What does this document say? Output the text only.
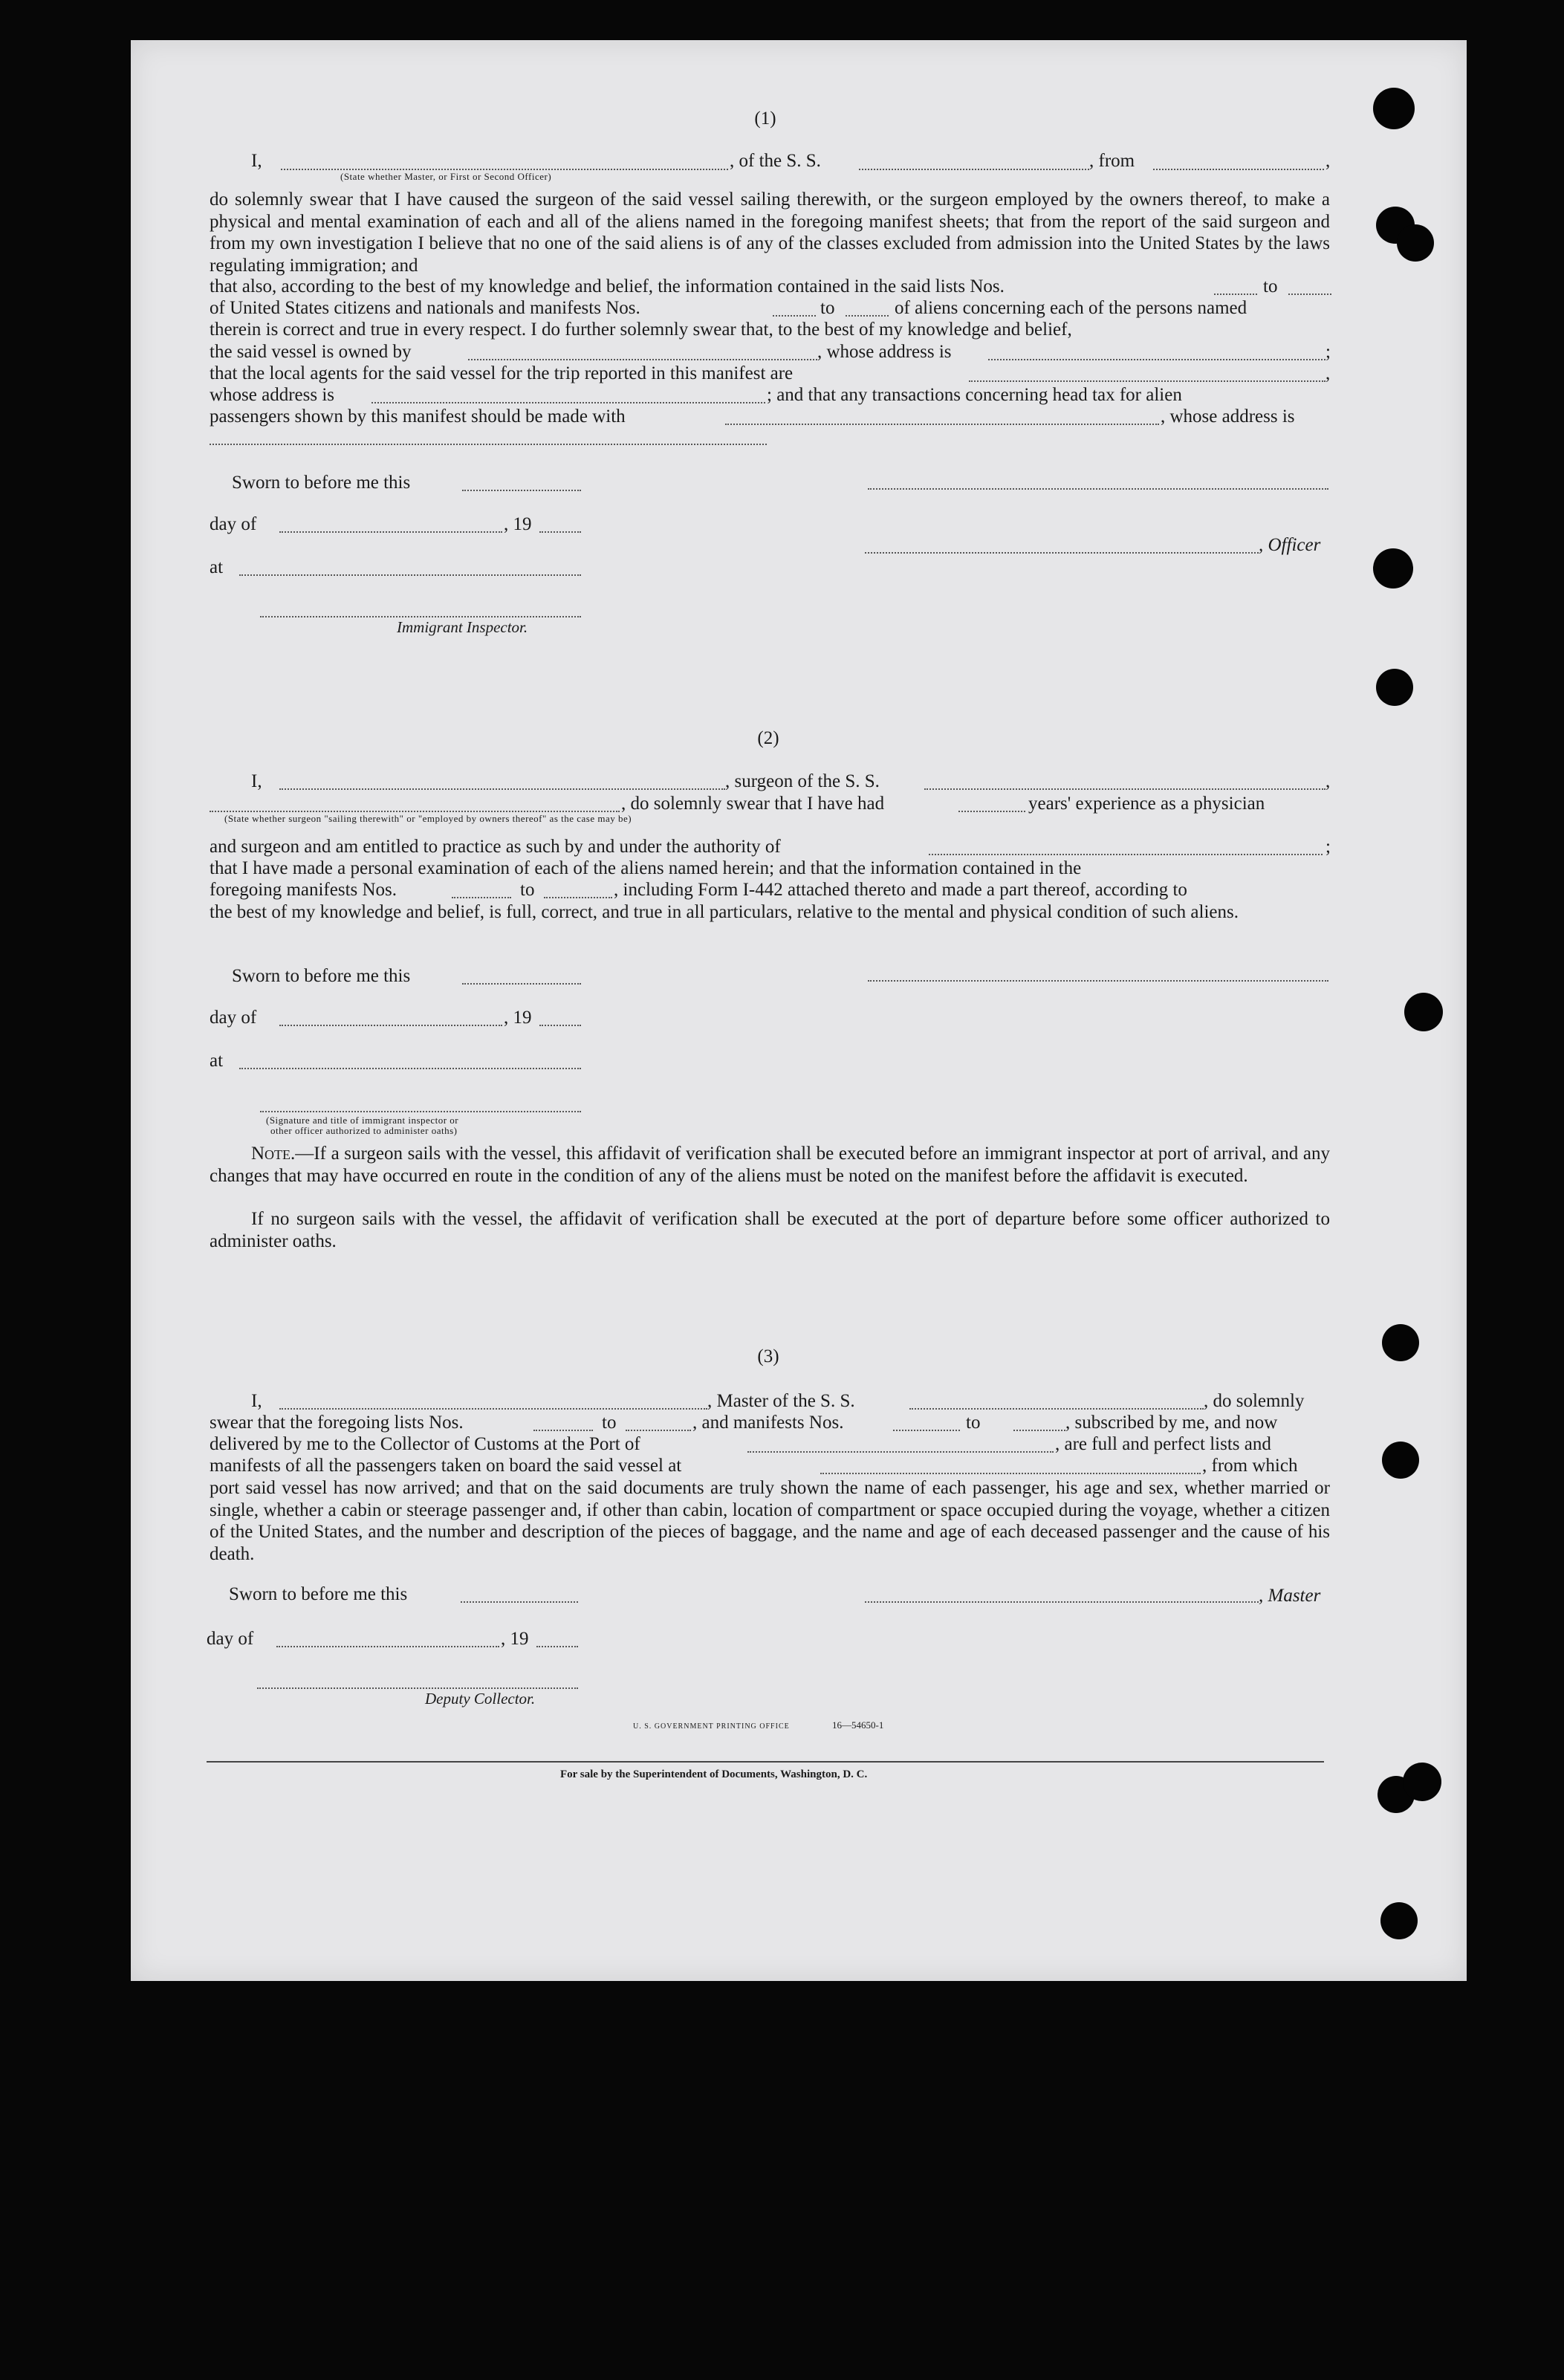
(1)
I,	, of the S. S.	, from	,
(State whether Master, or First or Second Officer)
do solemnly swear that I have caused the surgeon of the said vessel sailing therewith, or the surgeon employed by the owners thereof, to make a physical and mental examination of each and all of the aliens named in the foregoing manifest sheets; that from the report of the said surgeon and from my own investigation I believe that no one of the said aliens is of any of the classes excluded from admission into the United States by the laws regulating immigration; and
that also, according to the best of my knowledge and belief, the information contained in the said lists Nos.	to
of United States citizens and nationals and manifests Nos.	to	of aliens concerning each of the persons named
therein is correct and true in every respect. I do further solemnly swear that, to the best of my knowledge and belief,
the said vessel is owned by	, whose address is	;
that the local agents for the said vessel for the trip reported in this manifest are	,
whose address is	; and that any transactions concerning head tax for alien
passengers shown by this manifest should be made with	, whose address is
Sworn to before me this
day of	, 19
, Officer
at
Immigrant Inspector.
(2)
I,	, surgeon of the S. S.	,
, do solemnly swear that I have had	years' experience as a physician
(State whether surgeon "sailing therewith" or "employed by owners thereof" as the case may be)
and surgeon and am entitled to practice as such by and under the authority of	;
that I have made a personal examination of each of the aliens named herein; and that the information contained in the
foregoing manifests Nos.	to	, including Form I-442 attached thereto and made a part thereof, according to
the best of my knowledge and belief, is full, correct, and true in all particulars, relative to the mental and physical condition of such aliens.
Sworn to before me this
day of	, 19
at
(Signature and title of immigrant inspector or
other officer authorized to administer oaths)
Note.—If a surgeon sails with the vessel, this affidavit of verification shall be executed before an immigrant inspector at port of arrival, and any changes that may have occurred en route in the condition of any of the aliens must be noted on the manifest before the affidavit is executed.
If no surgeon sails with the vessel, the affidavit of verification shall be executed at the port of departure before some officer authorized to administer oaths.
(3)
I,	, Master of the S. S.	, do solemnly
swear that the foregoing lists Nos.	to	, and manifests Nos.	to	, subscribed by me, and now
delivered by me to the Collector of Customs at the Port of	, are full and perfect lists and
manifests of all the passengers taken on board the said vessel at	, from which
port said vessel has now arrived; and that on the said documents are truly shown the name of each passenger, his age and sex, whether married or single, whether a cabin or steerage passenger and, if other than cabin, location of compartment or space occupied during the voyage, whether a citizen of the United States, and the number and description of the pieces of baggage, and the name and age of each deceased passenger and the cause of his death.
Sworn to before me this	, Master
day of	, 19
Deputy Collector.
U. S. GOVERNMENT PRINTING OFFICE	16—54650-1
For sale by the Superintendent of Documents, Washington, D. C.
